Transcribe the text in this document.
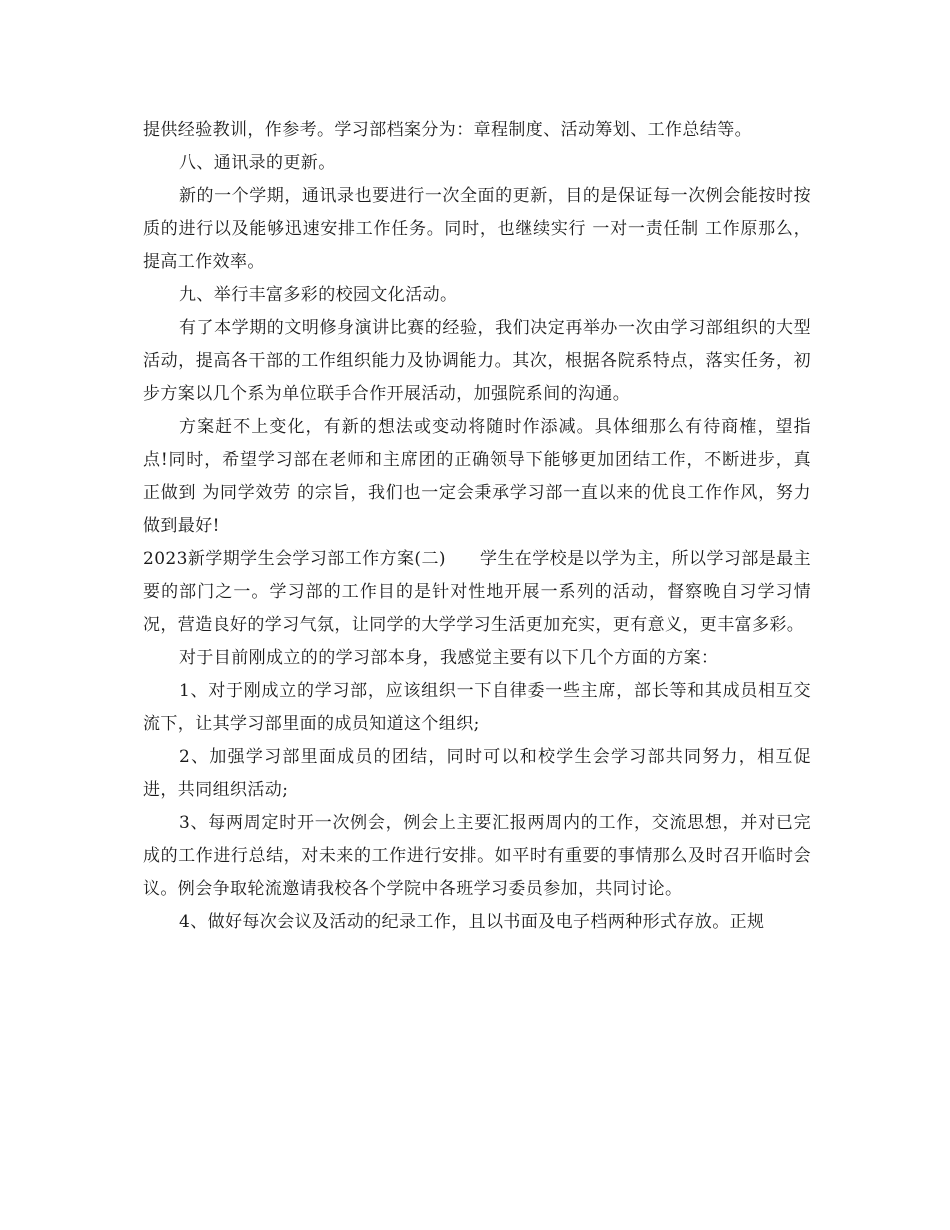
提供经验教训，作参考。学习部档案分为：章程制度、活动筹划、工作总结等。

八、通讯录的更新。

新的一个学期，通讯录也要进行一次全面的更新，目的是保证每一次例会能按时按质的进行以及能够迅速安排工作任务。同时，也继续实行 一对一责任制 工作原那么，提高工作效率。

九、举行丰富多彩的校园文化活动。

有了本学期的文明修身演讲比赛的经验，我们决定再举办一次由学习部组织的大型活动，提高各干部的工作组织能力及协调能力。其次，根据各院系特点，落实任务，初步方案以几个系为单位联手合作开展活动，加强院系间的沟通。

方案赶不上变化，有新的想法或变动将随时作添减。具体细那么有待商榷，望指点!同时，希望学习部在老师和主席团的正确领导下能够更加团结工作，不断进步，真正做到 为同学效劳 的宗旨，我们也一定会秉承学习部一直以来的优良工作作风，努力做到最好!

2023新学期学生会学习部工作方案(二) 学生在学校是以学为主，所以学习部是最主要的部门之一。学习部的工作目的是针对性地开展一系列的活动，督察晚自习学习情况，营造良好的学习气氛，让同学的大学学习生活更加充实，更有意义，更丰富多彩。

对于目前刚成立的的学习部本身，我感觉主要有以下几个方面的方案：

1、对于刚成立的学习部，应该组织一下自律委一些主席，部长等和其成员相互交流下，让其学习部里面的成员知道这个组织;

2、加强学习部里面成员的团结，同时可以和校学生会学习部共同努力，相互促进，共同组织活动;

3、每两周定时开一次例会，例会上主要汇报两周内的工作，交流思想，并对已完成的工作进行总结，对未来的工作进行安排。如平时有重要的事情那么及时召开临时会议。例会争取轮流邀请我校各个学院中各班学习委员参加，共同讨论。

4、做好每次会议及活动的纪录工作，且以书面及电子档两种形式存放。正规
